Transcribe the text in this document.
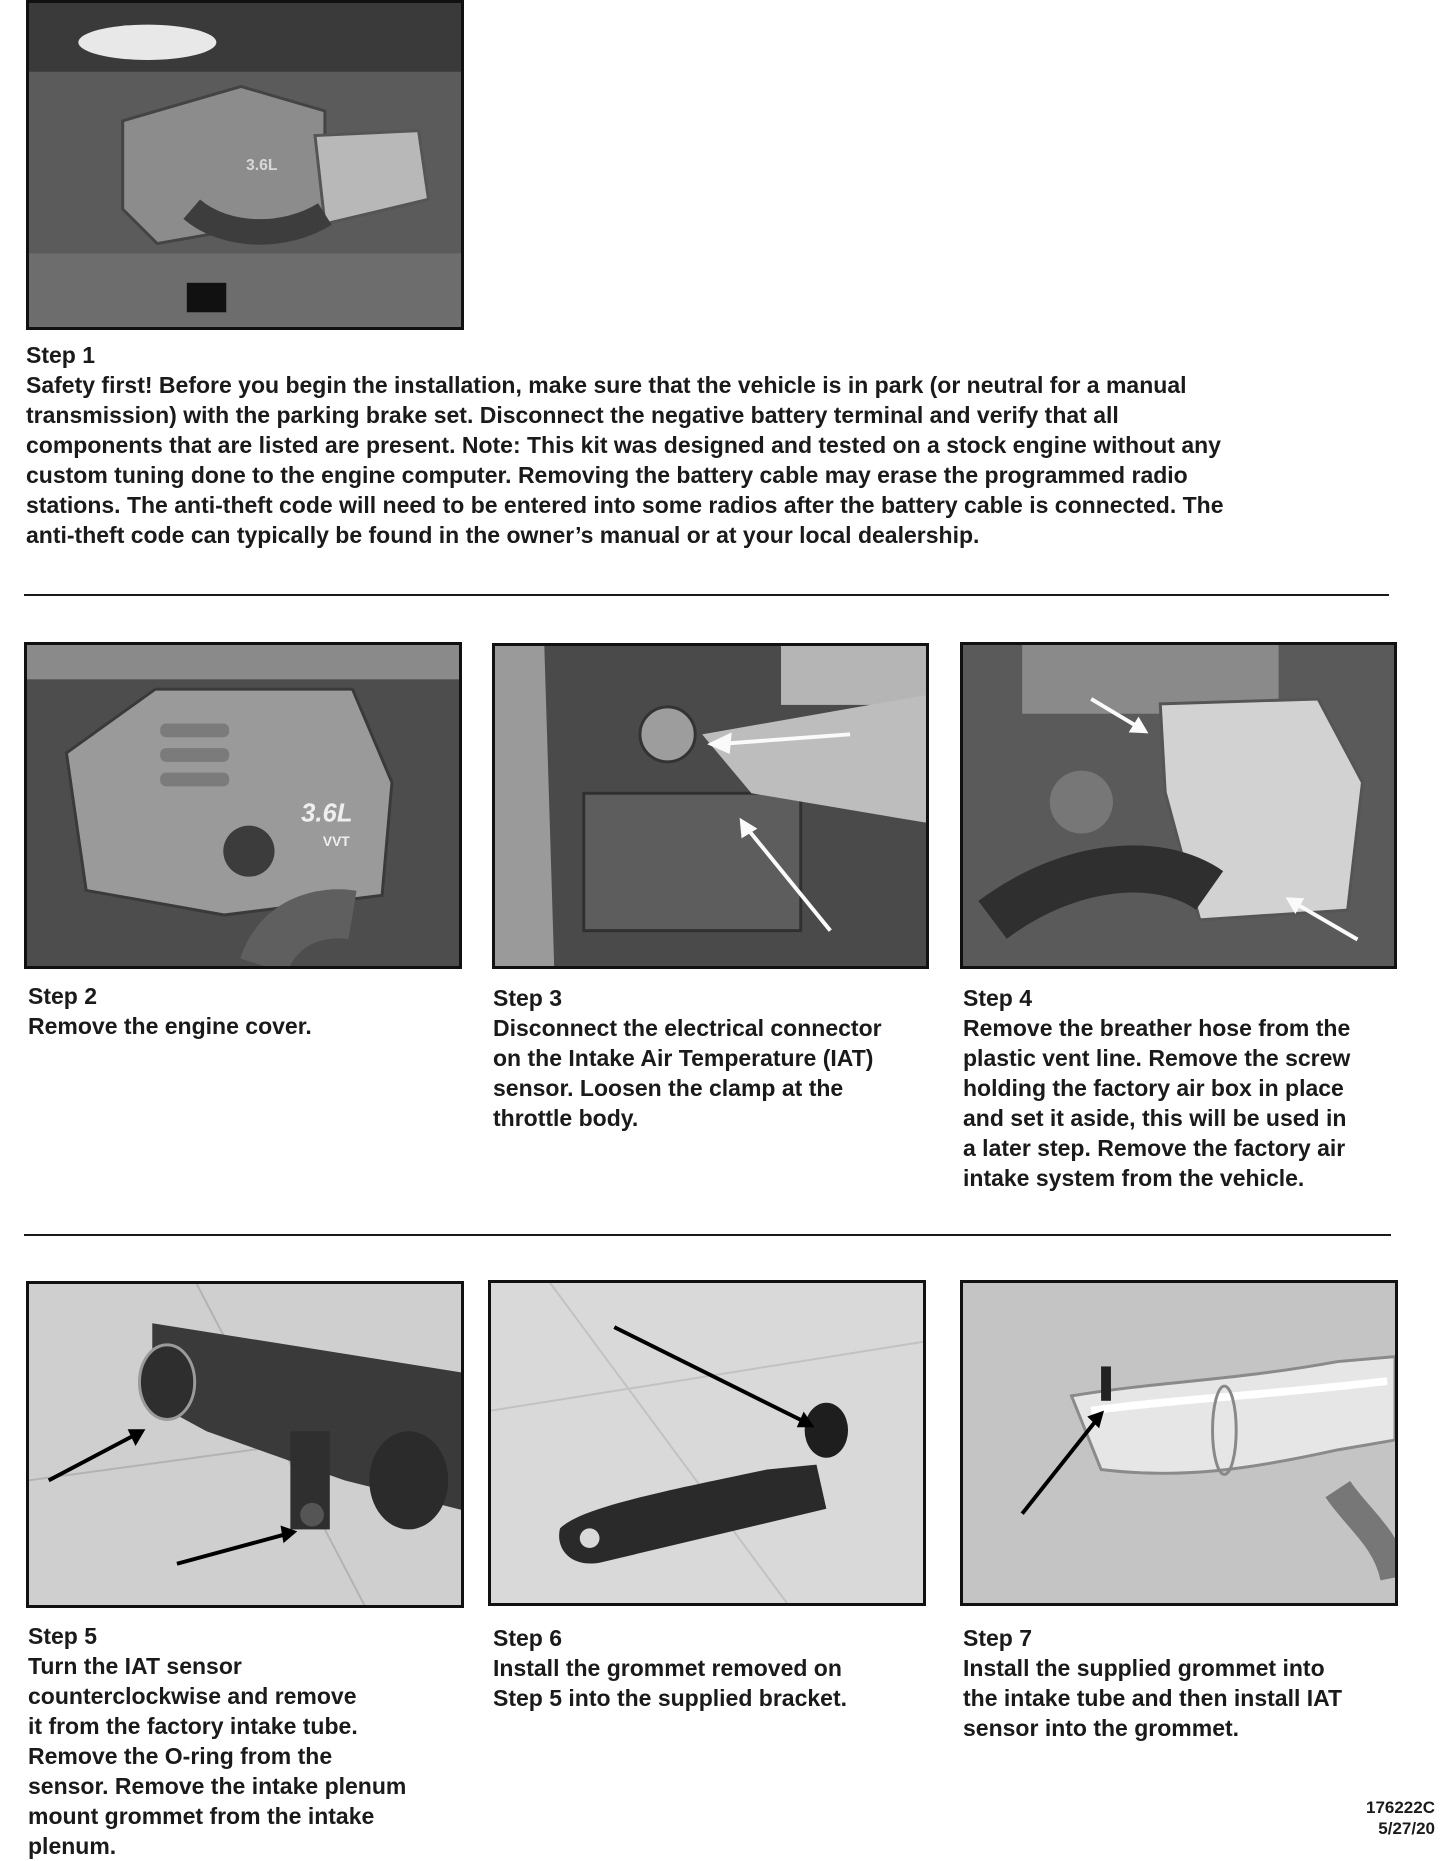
3.6L
Step 1
Safety first! Before you begin the installation, make sure that the vehicle is in park (or neutral for a manual
transmission) with the parking brake set. Disconnect the negative battery terminal and verify that all
components that are listed are present. Note: This kit was designed and tested on a stock engine without any
custom tuning done to the engine computer. Removing the battery cable may erase the programmed radio
stations. The anti-theft code will need to be entered into some radios after the battery cable is connected. The
anti-theft code can typically be found in the owner’s manual or at your local dealership.
3.6L
VVT
Step 2
Remove the engine cover.
Step 3
Disconnect the electrical connector
on the Intake Air Temperature (IAT)
sensor. Loosen the clamp at the
throttle body.
Step 4
Remove the breather hose from the
plastic vent line. Remove the screw
holding the factory air box in place
and set it aside, this will be used in
a later step. Remove the factory air
intake system from the vehicle.
Step 5
Turn the IAT sensor
counterclockwise and remove
it from the factory intake tube.
Remove the O-ring from the
sensor. Remove the intake plenum
mount grommet from the intake
plenum.
Step 6
Install the grommet removed on
Step 5 into the supplied bracket.
Step 7
Install the supplied grommet into
the intake tube and then install IAT
sensor into the grommet.
176222C
5/27/20
